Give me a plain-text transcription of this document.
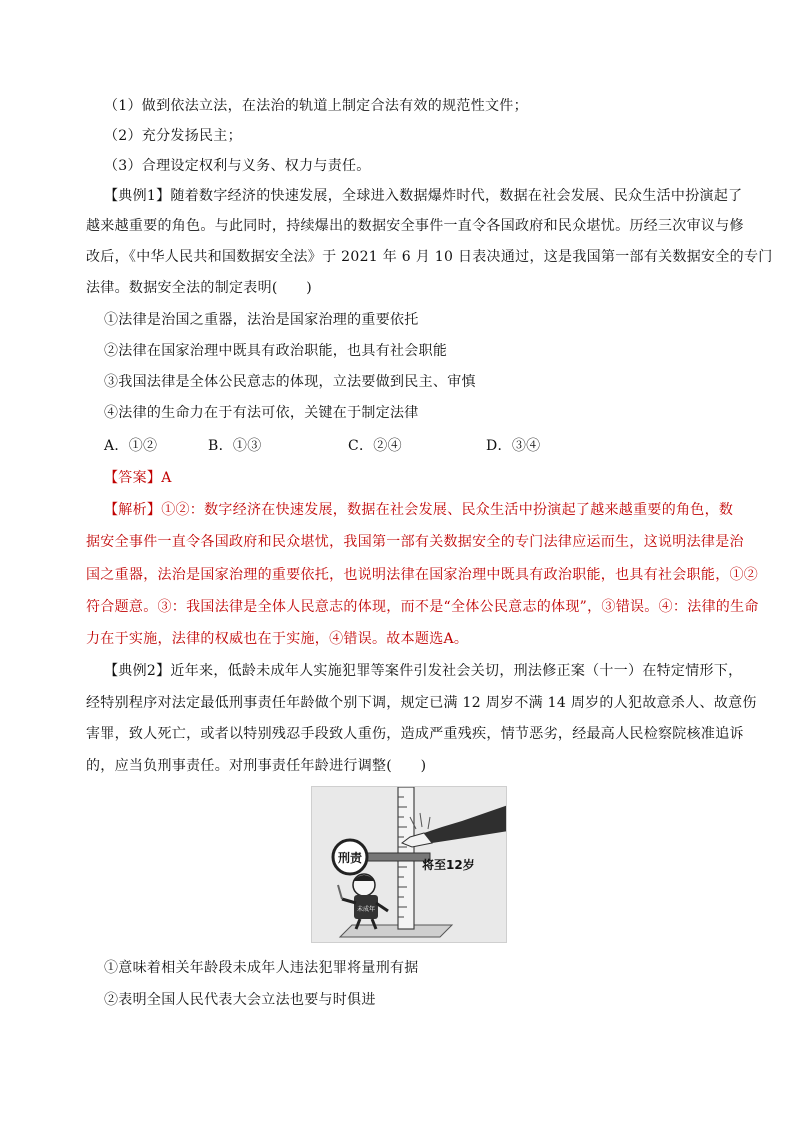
（1）做到依法立法，在法治的轨道上制定合法有效的规范性文件；
（2）充分发扬民主；
（3）合理设定权利与义务、权力与责任。
【典例1】随着数字经济的快速发展，全球进入数据爆炸时代，数据在社会发展、民众生活中扮演起了
越来越重要的角色。与此同时，持续爆出的数据安全事件一直令各国政府和民众堪忧。历经三次审议与修
改后，《中华人民共和国数据安全法》于 2021 年 6 月 10 日表决通过，这是我国第一部有关数据安全的专门
法律。数据安全法的制定表明(　　)
①法律是治国之重器，法治是国家治理的重要依托
②法律在国家治理中既具有政治职能，也具有社会职能
③我国法律是全体公民意志的体现，立法要做到民主、审慎
④法律的生命力在于有法可依，关键在于制定法律
A．①②	B．①③	C．②④	D．③④
【答案】A
【解析】①②：数字经济在快速发展，数据在社会发展、民众生活中扮演起了越来越重要的角色，数
据安全事件一直令各国政府和民众堪忧，我国第一部有关数据安全的专门法律应运而生，这说明法律是治
国之重器，法治是国家治理的重要依托，也说明法律在国家治理中既具有政治职能，也具有社会职能，①②
符合题意。③：我国法律是全体人民意志的体现，而不是“全体公民意志的体现”，③错误。④：法律的生命
力在于实施，法律的权威也在于实施，④错误。故本题选A。
【典例2】近年来，低龄未成年人实施犯罪等案件引发社会关切，刑法修正案（十一）在特定情形下，
经特别程序对法定最低刑事责任年龄做个别下调，规定已满 12 周岁不满 14 周岁的人犯故意杀人、故意伤
害罪，致人死亡，或者以特别残忍手段致人重伤，造成严重残疾，情节恶劣，经最高人民检察院核准追诉
的，应当负刑事责任。对刑事责任年龄进行调整(　　)
刑责	将至12岁
未成年
①意味着相关年龄段未成年人违法犯罪将量刑有据
②表明全国人民代表大会立法也要与时俱进
